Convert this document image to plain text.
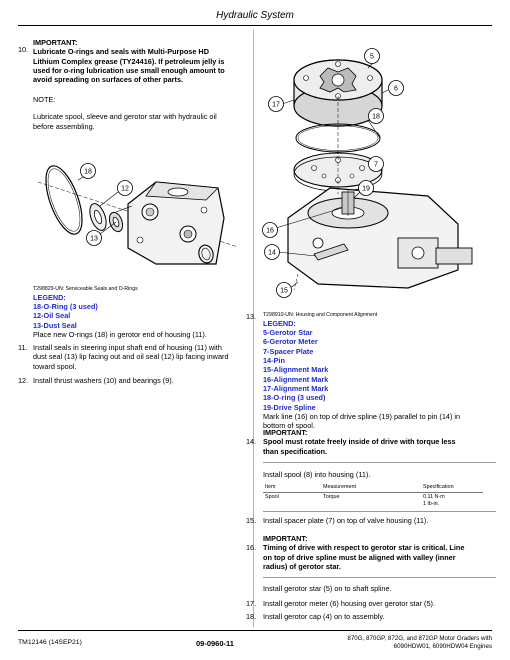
Hydraulic System
10.

IMPORTANT:

Lubricate O-rings and seals with Multi-Purpose HD

Lithium Complex grease (TY24416). If petroleum jelly is

used for o-ring lubrication use small enough amount to

avoid spreading on surfaces of other parts.

NOTE:

Lubricate spool, sleeve and gerotor star with hydraulic oil

before assembling.

18
12
13

T298829-UN: Serviceable Seals and O-Rings

LEGEND:

18-O-Ring (3 used)

12-Oil Seal

13-Dust Seal

Place new O-rings (18) in gerotor end of housing (11).

11. Install seals in steering input shaft end of housing (11) with

dust seal (13) lip facing out and oil seal (12) lip facing inward

toward spool.

12. Install thrust washers (10) and bearings (9).

5
6
17
18
7
19
16
14
15
13.	T298910-UN: Housing and Component Alignment

LEGEND:

5-Gerotor Star

6-Gerotor Meter

7-Spacer Plate

14-Pin

15-Alignment Mark

16-Alignment Mark

17-Alignment Mark

18-O-ring (3 used)

19-Drive Spline

Mark line (16) on top of drive spline (19) parallel to pin (14) in

bottom of spool.

IMPORTANT:

14. Spool must rotate freely inside of drive with torque less

than specification.

Install spool (8) into housing (11).

Item	Measurement	Specification
Spool	Torque	0.11 N·m
1 lb-in.
15. Install spacer plate (7) on top of valve housing (11).

IMPORTANT:

16. Timing of drive with respect to gerotor star is critical. Line

on top of drive spline must be aligned with valley (inner

radius) of gerotor star.

Install gerotor star (5) on to shaft spline.

17. Install gerotor meter (6) housing over gerotor star (5).

18. Install gerotor cap (4) on to assembly.

TM12146 (14SEP21)	09-0960-11
870G, 870GP, 872G, and 872GP Motor Graders with
6090HDW01, 6090HDW04 Engines
